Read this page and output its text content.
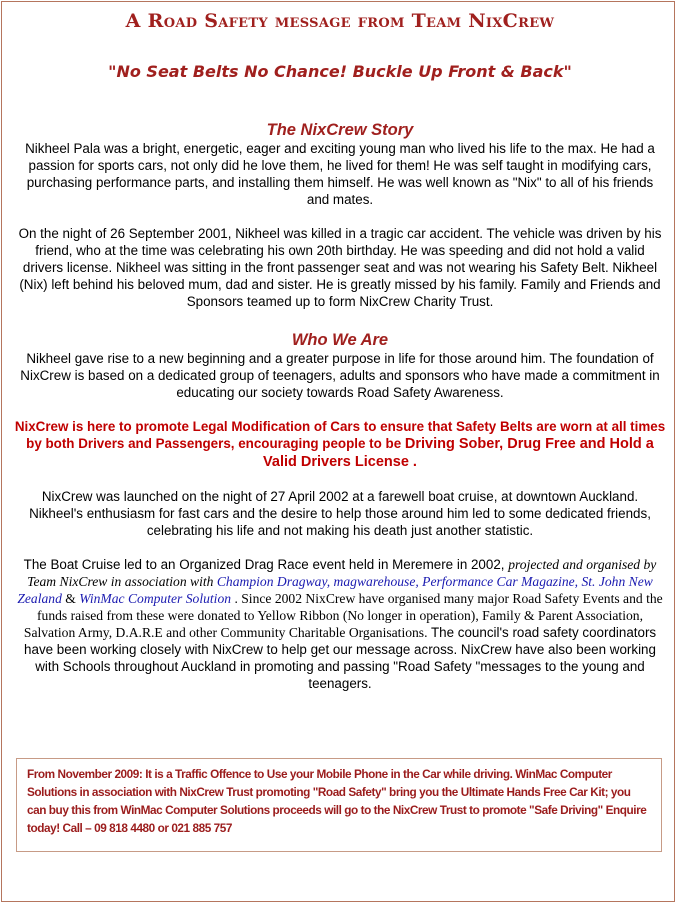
A Road Safety message from Team NixCrew
"No Seat Belts No Chance! Buckle Up Front & Back"
The NixCrew Story

Nikheel Pala was a bright, energetic, eager and exciting young man who lived his life to the max. He had a passion for sports cars, not only did he love them, he lived for them! He was self taught in modifying cars, purchasing performance parts, and installing them himself. He was well known as "Nix" to all of his friends and mates.

On the night of 26 September 2001, Nikheel was killed in a tragic car accident. The vehicle was driven by his friend, who at the time was celebrating his own 20th birthday. He was speeding and did not hold a valid drivers license. Nikheel was sitting in the front passenger seat and was not wearing his Safety Belt. Nikheel (Nix) left behind his beloved mum, dad and sister. He is greatly missed by his family. Family and Friends and Sponsors teamed up to form NixCrew Charity Trust.

Who We Are

Nikheel gave rise to a new beginning and a greater purpose in life for those around him. The foundation of NixCrew is based on a dedicated group of teenagers, adults and sponsors who have made a commitment in educating our society towards Road Safety Awareness.

NixCrew is here to promote Legal Modification of Cars to ensure that Safety Belts are worn at all times by both Drivers and Passengers, encouraging people to be Driving Sober, Drug Free and Hold a Valid Drivers License .

NixCrew was launched on the night of 27 April 2002 at a farewell boat cruise, at downtown Auckland. Nikheel's enthusiasm for fast cars and the desire to help those around him led to some dedicated friends, celebrating his life and not making his death just another statistic.

The Boat Cruise led to an Organized Drag Race event held in Meremere in 2002, projected and organised by Team NixCrew in association with Champion Dragway, magwarehouse, Performance Car Magazine, St. John New Zealand & WinMac Computer Solution . Since 2002 NixCrew have organised many major Road Safety Events and the funds raised from these were donated to Yellow Ribbon (No longer in operation), Family & Parent Association, Salvation Army, D.A.R.E and other Community Charitable Organisations. The council's road safety coordinators have been working closely with NixCrew to help get our message across. NixCrew have also been working with Schools throughout Auckland in promoting and passing "Road Safety "messages to the young and teenagers.

From November 2009: It is a Traffic Offence to Use your Mobile Phone in the Car while driving. WinMac Computer Solutions in association with NixCrew Trust promoting "Road Safety" bring you the Ultimate Hands Free Car Kit; you can buy this from WinMac Computer Solutions proceeds will go to the NixCrew Trust to promote "Safe Driving" Enquire today! Call – 09 818 4480 or 021 885 757
